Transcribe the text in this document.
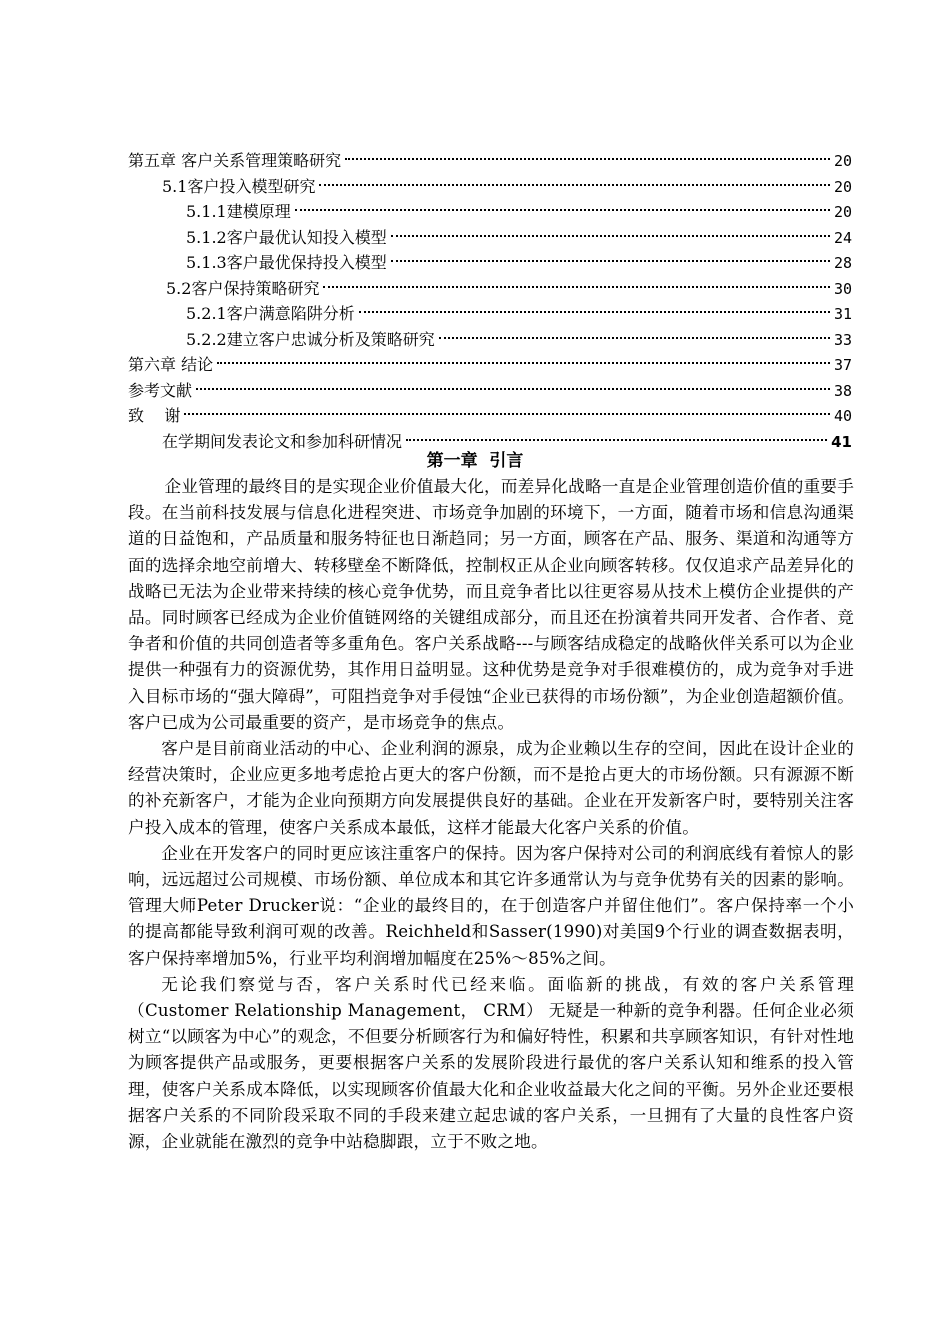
第五章 客户关系管理策略研究	20
5.1客户投入模型研究	20
5.1.1建模原理	20
5.1.2客户最优认知投入模型	24
5.1.3客户最优保持投入模型	28
5.2客户保持策略研究	30
5.2.1客户满意陷阱分析	31
5.2.2建立客户忠诚分析及策略研究	33
第六章 结论	37
参考文献	38
致    谢	40
在学期间发表论文和参加科研情况	41
第一章  引言

企业管理的最终目的是实现企业价值最大化，而差异化战略一直是企业管理创造价值的重要手段。在当前科技发展与信息化进程突进、市场竞争加剧的环境下，一方面，随着市场和信息沟通渠道的日益饱和，产品质量和服务特征也日渐趋同；另一方面，顾客在产品、服务、渠道和沟通等方面的选择余地空前增大、转移壁垒不断降低，控制权正从企业向顾客转移。仅仅追求产品差异化的战略已无法为企业带来持续的核心竞争优势，而且竞争者比以往更容易从技术上模仿企业提供的产品。同时顾客已经成为企业价值链网络的关键组成部分，而且还在扮演着共同开发者、合作者、竞争者和价值的共同创造者等多重角色。客户关系战略---与顾客结成稳定的战略伙伴关系可以为企业提供一种强有力的资源优势，其作用日益明显。这种优势是竞争对手很难模仿的，成为竞争对手进入目标市场的“强大障碍”，可阻挡竞争对手侵蚀“企业已获得的市场份额”，为企业创造超额价值。客户已成为公司最重要的资产，是市场竞争的焦点。

客户是目前商业活动的中心、企业利润的源泉，成为企业赖以生存的空间，因此在设计企业的经营决策时，企业应更多地考虑抢占更大的客户份额，而不是抢占更大的市场份额。只有源源不断的补充新客户，才能为企业向预期方向发展提供良好的基础。企业在开发新客户时，要特别关注客户投入成本的管理，使客户关系成本最低，这样才能最大化客户关系的价值。

企业在开发客户的同时更应该注重客户的保持。因为客户保持对公司的利润底线有着惊人的影响，远远超过公司规模、市场份额、单位成本和其它许多通常认为与竞争优势有关的因素的影响。管理大师Peter Drucker说：“企业的最终目的，在于创造客户并留住他们”。客户保持率一个小的提高都能导致利润可观的改善。Reichheld和Sasser(1990)对美国9个行业的调查数据表明，客户保持率增加5%，行业平均利润增加幅度在25%～85%之间。

无论我们察觉与否，客户关系时代已经来临。面临新的挑战，有效的客户关系管理（Customer Relationship Management， CRM） 无疑是一种新的竞争利器。任何企业必须树立“以顾客为中心”的观念，不但要分析顾客行为和偏好特性，积累和共享顾客知识，有针对性地为顾客提供产品或服务，更要根据客户关系的发展阶段进行最优的客户关系认知和维系的投入管理，使客户关系成本降低，以实现顾客价值最大化和企业收益最大化之间的平衡。另外企业还要根据客户关系的不同阶段采取不同的手段来建立起忠诚的客户关系，一旦拥有了大量的良性客户资源，企业就能在激烈的竞争中站稳脚跟，立于不败之地。
